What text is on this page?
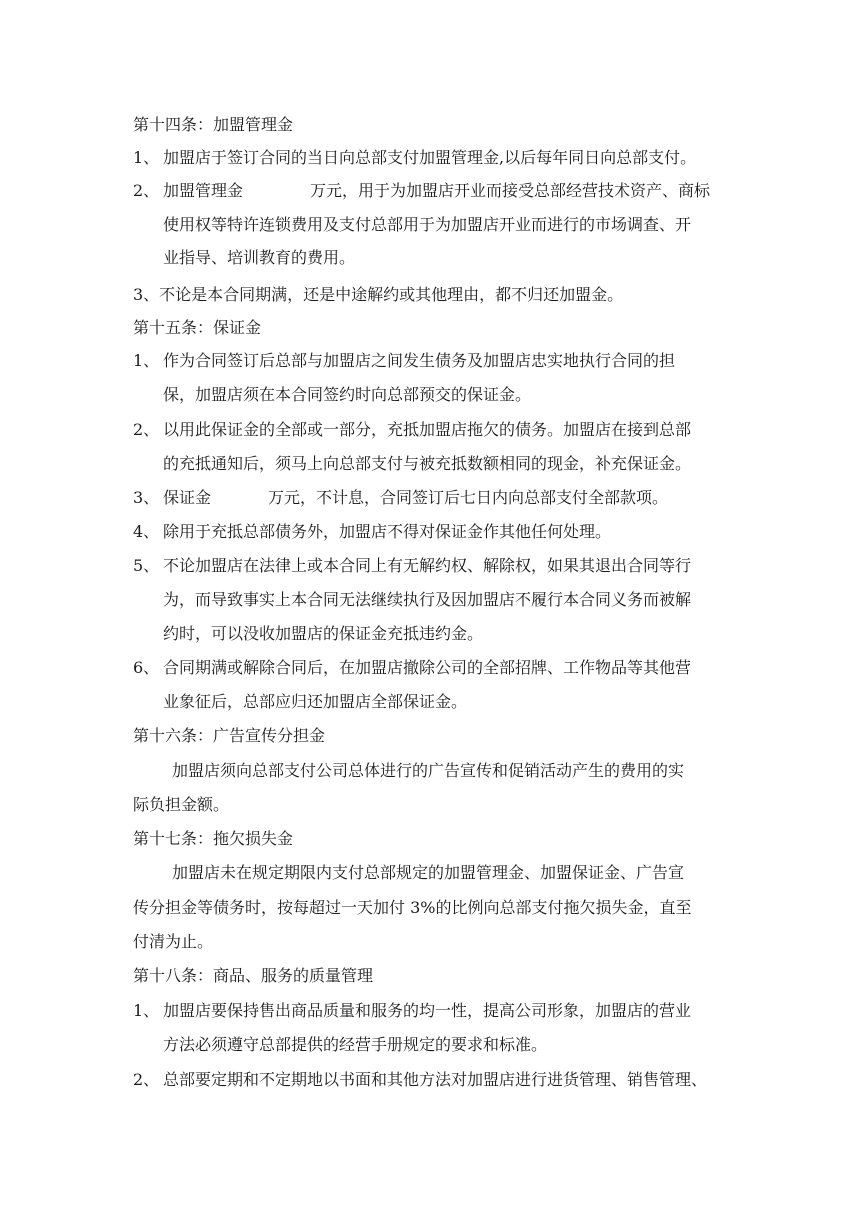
第十四条：加盟管理金
1、 加盟店于签订合同的当日向总部支付加盟管理金,以后每年同日向总部支付。
2、 加盟管理金	万元，用于为加盟店开业而接受总部经营技术资产、商标
使用权等特许连锁费用及支付总部用于为加盟店开业而进行的市场调查、开
业指导、培训教育的费用。
3、不论是本合同期满，还是中途解约或其他理由，都不归还加盟金。
第十五条：保证金
1、 作为合同签订后总部与加盟店之间发生债务及加盟店忠实地执行合同的担
保，加盟店须在本合同签约时向总部预交的保证金。
2、 以用此保证金的全部或一部分，充抵加盟店拖欠的债务。加盟店在接到总部
的充抵通知后，须马上向总部支付与被充抵数额相同的现金，补充保证金。
3、 保证金	万元，不计息，合同签订后七日内向总部支付全部款项。
4、 除用于充抵总部债务外，加盟店不得对保证金作其他任何处理。
5、 不论加盟店在法律上或本合同上有无解约权、解除权，如果其退出合同等行
为，而导致事实上本合同无法继续执行及因加盟店不履行本合同义务而被解
约时，可以没收加盟店的保证金充抵违约金。
6、 合同期满或解除合同后，在加盟店撤除公司的全部招牌、工作物品等其他营
业象征后，总部应归还加盟店全部保证金。
第十六条：广告宣传分担金
加盟店须向总部支付公司总体进行的广告宣传和促销活动产生的费用的实
际负担金额。
第十七条：拖欠损失金
加盟店未在规定期限内支付总部规定的加盟管理金、加盟保证金、广告宣
传分担金等债务时，按每超过一天加付 3%的比例向总部支付拖欠损失金，直至
付清为止。
第十八条：商品、服务的质量管理
1、 加盟店要保持售出商品质量和服务的均一性，提高公司形象，加盟店的营业
方法必须遵守总部提供的经营手册规定的要求和标准。
2、 总部要定期和不定期地以书面和其他方法对加盟店进行进货管理、销售管理、
